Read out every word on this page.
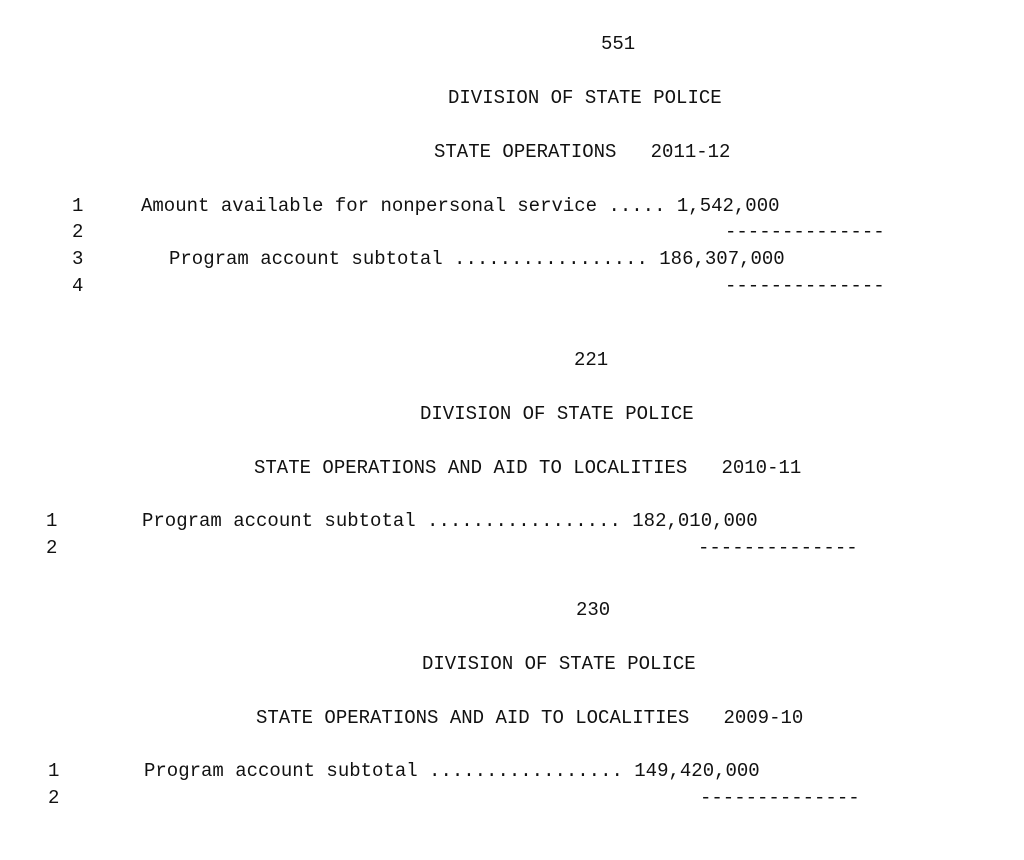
551
DIVISION OF STATE POLICE
STATE OPERATIONS   2011-12
1	Amount available for nonpersonal service ..... 1,542,000
2	--------------
3	Program account subtotal ................. 186,307,000
4	--------------
221
DIVISION OF STATE POLICE
STATE OPERATIONS AND AID TO LOCALITIES   2010-11
1	Program account subtotal ................. 182,010,000
2	--------------
230
DIVISION OF STATE POLICE
STATE OPERATIONS AND AID TO LOCALITIES   2009-10
1	Program account subtotal ................. 149,420,000
2	--------------
